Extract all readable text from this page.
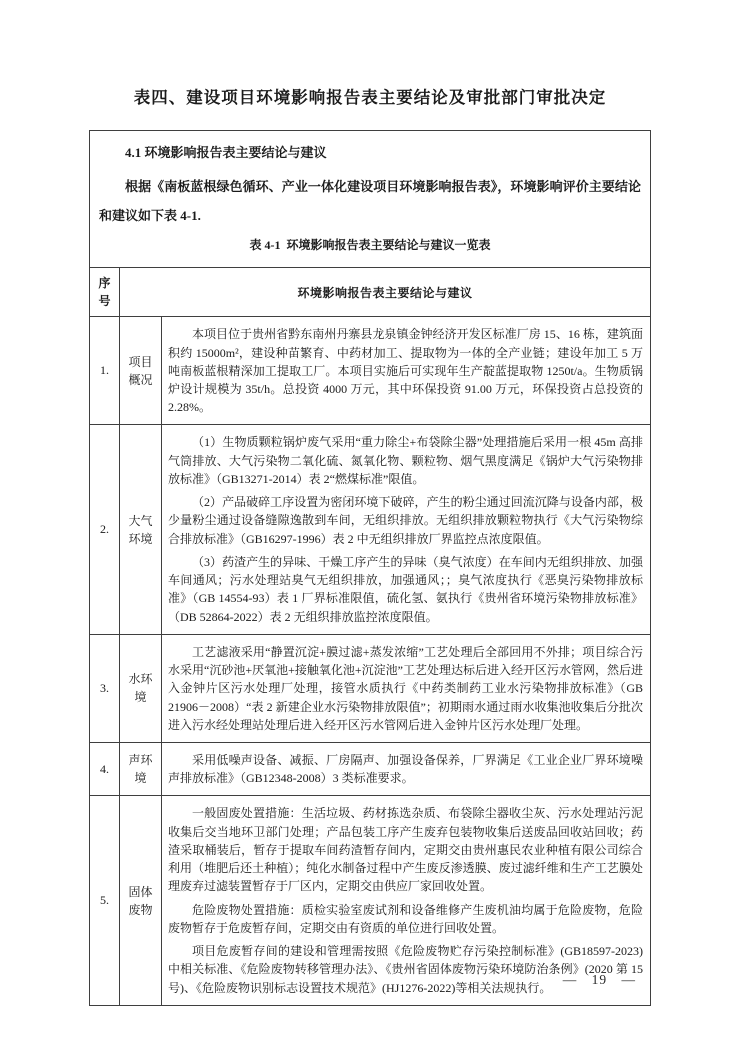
表四、建设项目环境影响报告表主要结论及审批部门审批决定

4.1 环境影响报告表主要结论与建议

根据《南板蓝根绿色循环、产业一体化建设项目环境影响报告表》，环境影响评价主要结论和建议如下表 4-1.

表 4-1  环境影响报告表主要结论与建议一览表

序号	环境影响报告表主要结论与建议	
1.	项目概况	本项目位于贵州省黔东南州丹寨县龙泉镇金钟经济开发区标准厂房 15、16 栋，建筑面积约 15000m²，建设种苗繁育、中药材加工、提取物为一体的全产业链；建设年加工 5 万吨南板蓝根精深加工提取工厂。本项目实施后可实现年生产靛蓝提取物 1250t/a。生物质锅炉设计规模为 35t/h。总投资 4000 万元，其中环保投资 91.00 万元，环保投资占总投资的 2.28%。

2.	大气环境	（1）生物质颗粒锅炉废气采用“重力除尘+布袋除尘器”处理措施后采用一根 45m 高排气筒排放、大气污染物二氧化硫、氮氧化物、颗粒物、烟气黑度满足《锅炉大气污染物排放标准》（GB13271-2014）表 2“燃煤标准”限值。

（2）产品破碎工序设置为密闭环境下破碎，产生的粉尘通过回流沉降与设备内部，极少量粉尘通过设备缝隙逸散到车间，无组织排放。无组织排放颗粒物执行《大气污染物综合排放标准》（GB16297-1996）表 2 中无组织排放厂界监控点浓度限值。

（3）药渣产生的异味、干燥工序产生的异味（臭气浓度）在车间内无组织排放、加强车间通风；污水处理站臭气无组织排放，加强通风；；臭气浓度执行《恶臭污染物排放标准》（GB 14554-93）表 1 厂界标准限值，硫化氢、氨执行《贵州省环境污染物排放标准》（DB 52864-2022）表 2 无组织排放监控浓度限值。

3.	水环境	工艺滤液采用“静置沉淀+膜过滤+蒸发浓缩”工艺处理后全部回用不外排；项目综合污水采用“沉砂池+厌氧池+接触氧化池+沉淀池”工艺处理达标后进入经开区污水管网，然后进入金钟片区污水处理厂处理，接管水质执行《中药类制药工业水污染物排放标准》（GB 21906－2008）“表 2 新建企业水污染物排放限值”；初期雨水通过雨水收集池收集后分批次进入污水经处理站处理后进入经开区污水管网后进入金钟片区污水处理厂处理。

4.	声环境	采用低噪声设备、减振、厂房隔声、加强设备保养，厂界满足《工业企业厂界环境噪声排放标准》（GB12348-2008）3 类标准要求。

5.	固体废物	一般固废处置措施：生活垃圾、药材拣选杂质、布袋除尘器收尘灰、污水处理站污泥收集后交当地环卫部门处理；产品包装工序产生废弃包装物收集后送废品回收站回收；药渣采取桶装后，暂存于提取车间药渣暂存间内，定期交由贵州惠民农业种植有限公司综合利用（堆肥后还土种植）；纯化水制备过程中产生废反渗透膜、废过滤纤维和生产工艺膜处理废弃过滤装置暂存于厂区内，定期交由供应厂家回收处置。

危险废物处置措施：质检实验室废试剂和设备维修产生废机油均属于危险废物，危险废物暂存于危废暂存间，定期交由有资质的单位进行回收处置。

项目危废暂存间的建设和管理需按照《危险废物贮存污染控制标准》(GB18597-2023)中相关标准、《危险废物转移管理办法》、《贵州省固体废物污染环境防治条例》(2020 第 15 号)、《危险废物识别标志设置技术规范》(HJ1276-2022)等相关法规执行。

— 19 —
